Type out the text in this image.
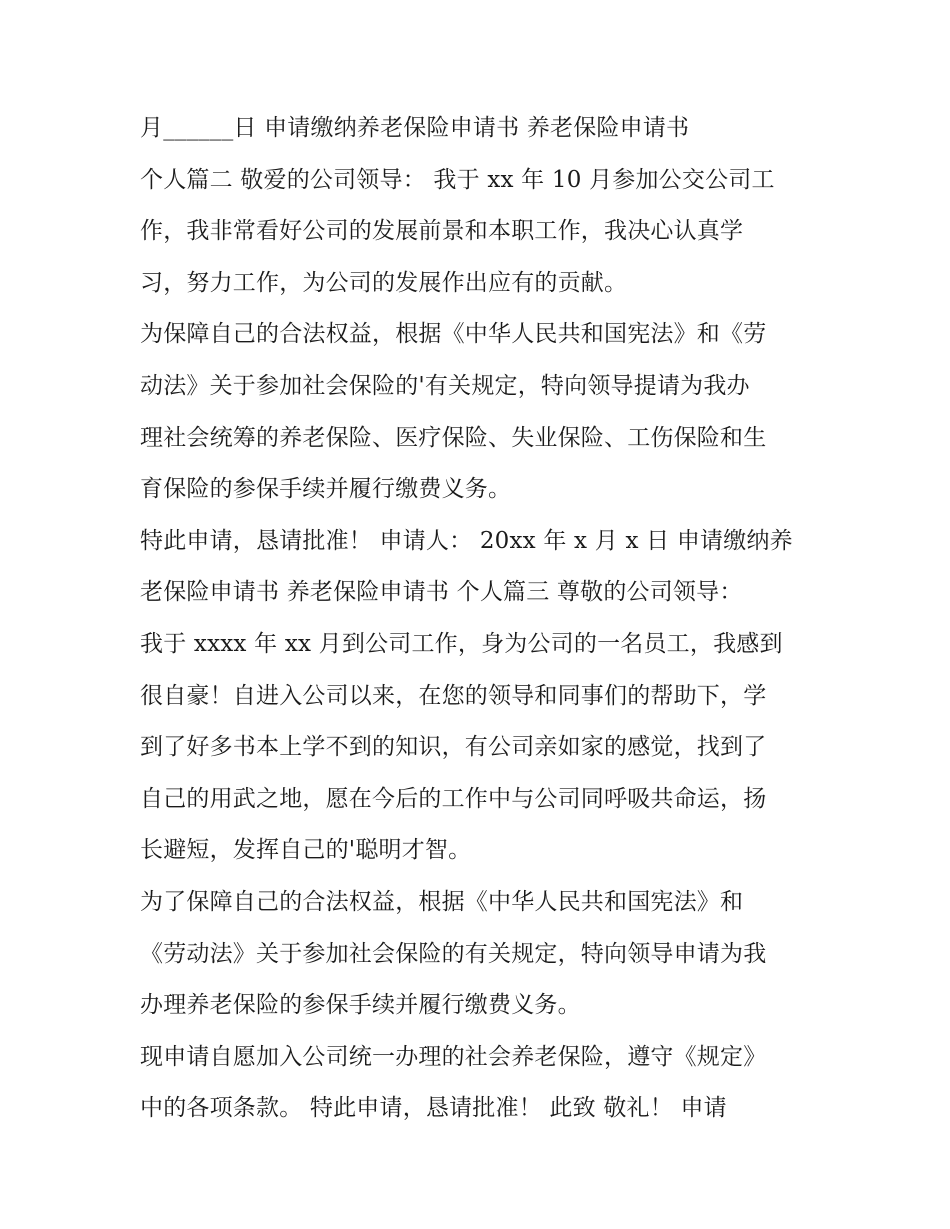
月______日 申请缴纳养老保险申请书 养老保险申请书
个人篇二 敬爱的公司领导： 我于 xx 年 10 月参加公交公司工
作，我非常看好公司的发展前景和本职工作，我决心认真学
习，努力工作，为公司的发展作出应有的贡献。
为保障自己的合法权益，根据《中华人民共和国宪法》和《劳
动法》关于参加社会保险的'有关规定，特向领导提请为我办
理社会统筹的养老保险、医疗保险、失业保险、工伤保险和生
育保险的参保手续并履行缴费义务。
特此申请，恳请批准！ 申请人： 20xx 年 x 月 x 日 申请缴纳养
老保险申请书 养老保险申请书 个人篇三 尊敬的公司领导：
我于 xxxx 年 xx 月到公司工作，身为公司的一名员工，我感到
很自豪！自进入公司以来，在您的领导和同事们的帮助下，学
到了好多书本上学不到的知识，有公司亲如家的感觉，找到了
自己的用武之地，愿在今后的工作中与公司同呼吸共命运，扬
长避短，发挥自己的'聪明才智。
为了保障自己的合法权益，根据《中华人民共和国宪法》和
《劳动法》关于参加社会保险的有关规定，特向领导申请为我
办理养老保险的参保手续并履行缴费义务。
现申请自愿加入公司统一办理的社会养老保险，遵守《规定》
中的各项条款。 特此申请，恳请批准！ 此致 敬礼！ 申请
